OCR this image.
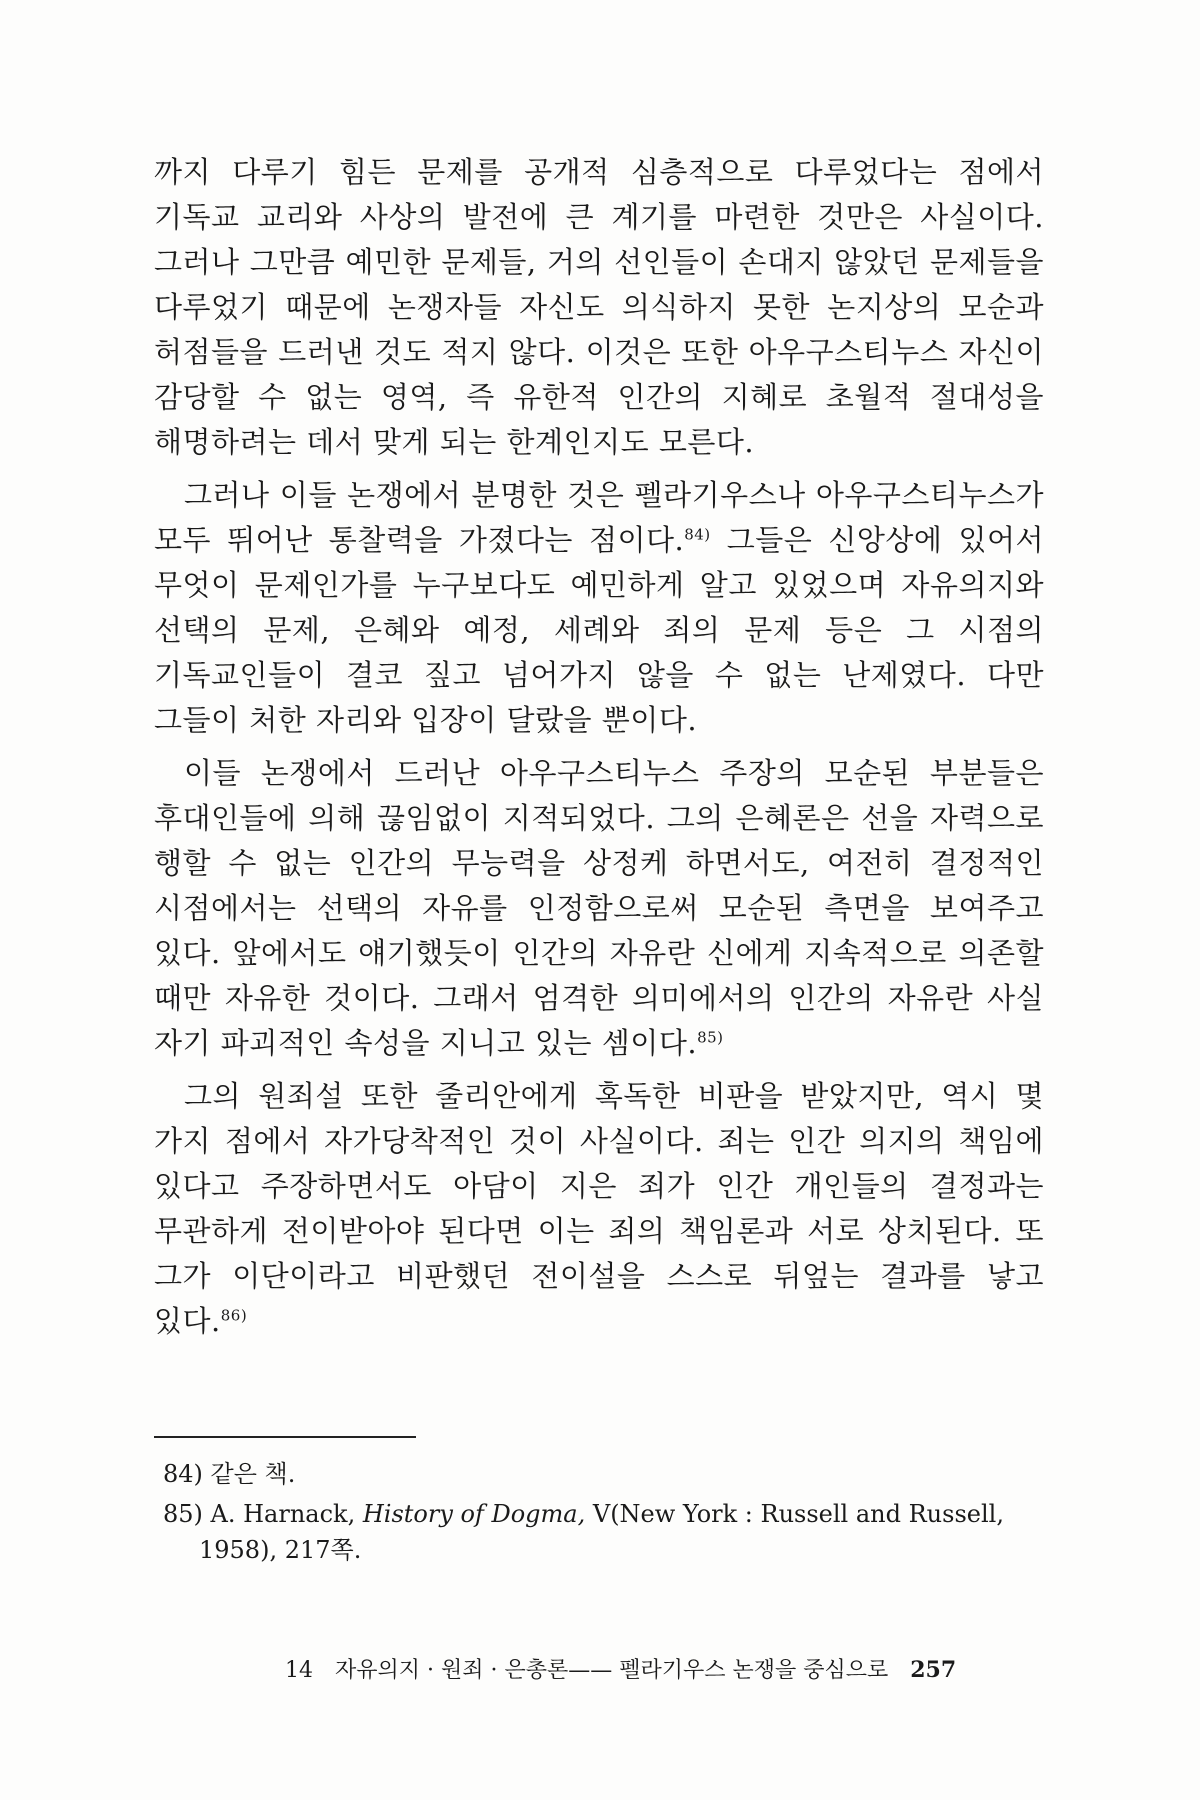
까지 다루기 힘든 문제를 공개적 심층적으로 다루었다는 점에서 기독교 교리와 사상의 발전에 큰 계기를 마련한 것만은 사실이다. 그러나 그만큼 예민한 문제들, 거의 선인들이 손대지 않았던 문제들을 다루었기 때문에 논쟁자들 자신도 의식하지 못한 논지상의 모순과 허점들을 드러낸 것도 적지 않다. 이것은 또한 아우구스티누스 자신이 감당할 수 없는 영역, 즉 유한적 인간의 지혜로 초월적 절대성을 해명하려는 데서 맞게 되는 한계인지도 모른다.

그러나 이들 논쟁에서 분명한 것은 펠라기우스나 아우구스티누스가 모두 뛰어난 통찰력을 가졌다는 점이다.$^{84)}$ 그들은 신앙상에 있어서 무엇이 문제인가를 누구보다도 예민하게 알고 있었으며 자유의지와 선택의 문제, 은혜와 예정, 세례와 죄의 문제 등은 그 시점의 기독교인들이 결코 짚고 넘어가지 않을 수 없는 난제였다. 다만 그들이 처한 자리와 입장이 달랐을 뿐이다.

이들 논쟁에서 드러난 아우구스티누스 주장의 모순된 부분들은 후대인들에 의해 끊임없이 지적되었다. 그의 은혜론은 선을 자력으로 행할 수 없는 인간의 무능력을 상정케 하면서도, 여전히 결정적인 시점에서는 선택의 자유를 인정함으로써 모순된 측면을 보여주고 있다. 앞에서도 얘기했듯이 인간의 자유란 신에게 지속적으로 의존할 때만 자유한 것이다. 그래서 엄격한 의미에서의 인간의 자유란 사실 자기 파괴적인 속성을 지니고 있는 셈이다.$^{85)}$

그의 원죄설 또한 줄리안에게 혹독한 비판을 받았지만, 역시 몇 가지 점에서 자가당착적인 것이 사실이다. 죄는 인간 의지의 책임에 있다고 주장하면서도 아담이 지은 죄가 인간 개인들의 결정과는 무관하게 전이받아야 된다면 이는 죄의 책임론과 서로 상치된다. 또 그가 이단이라고 비판했던 전이설을 스스로 뒤엎는 결과를 낳고 있다.$^{86)}$

84) 같은 책.

85) A. Harnack, History of Dogma, V(New York : Russell and Russell,
1958), 217쪽.

14 자유의지 · 원죄 · 은총론—— 펠라기우스 논쟁을 중심으로 257
